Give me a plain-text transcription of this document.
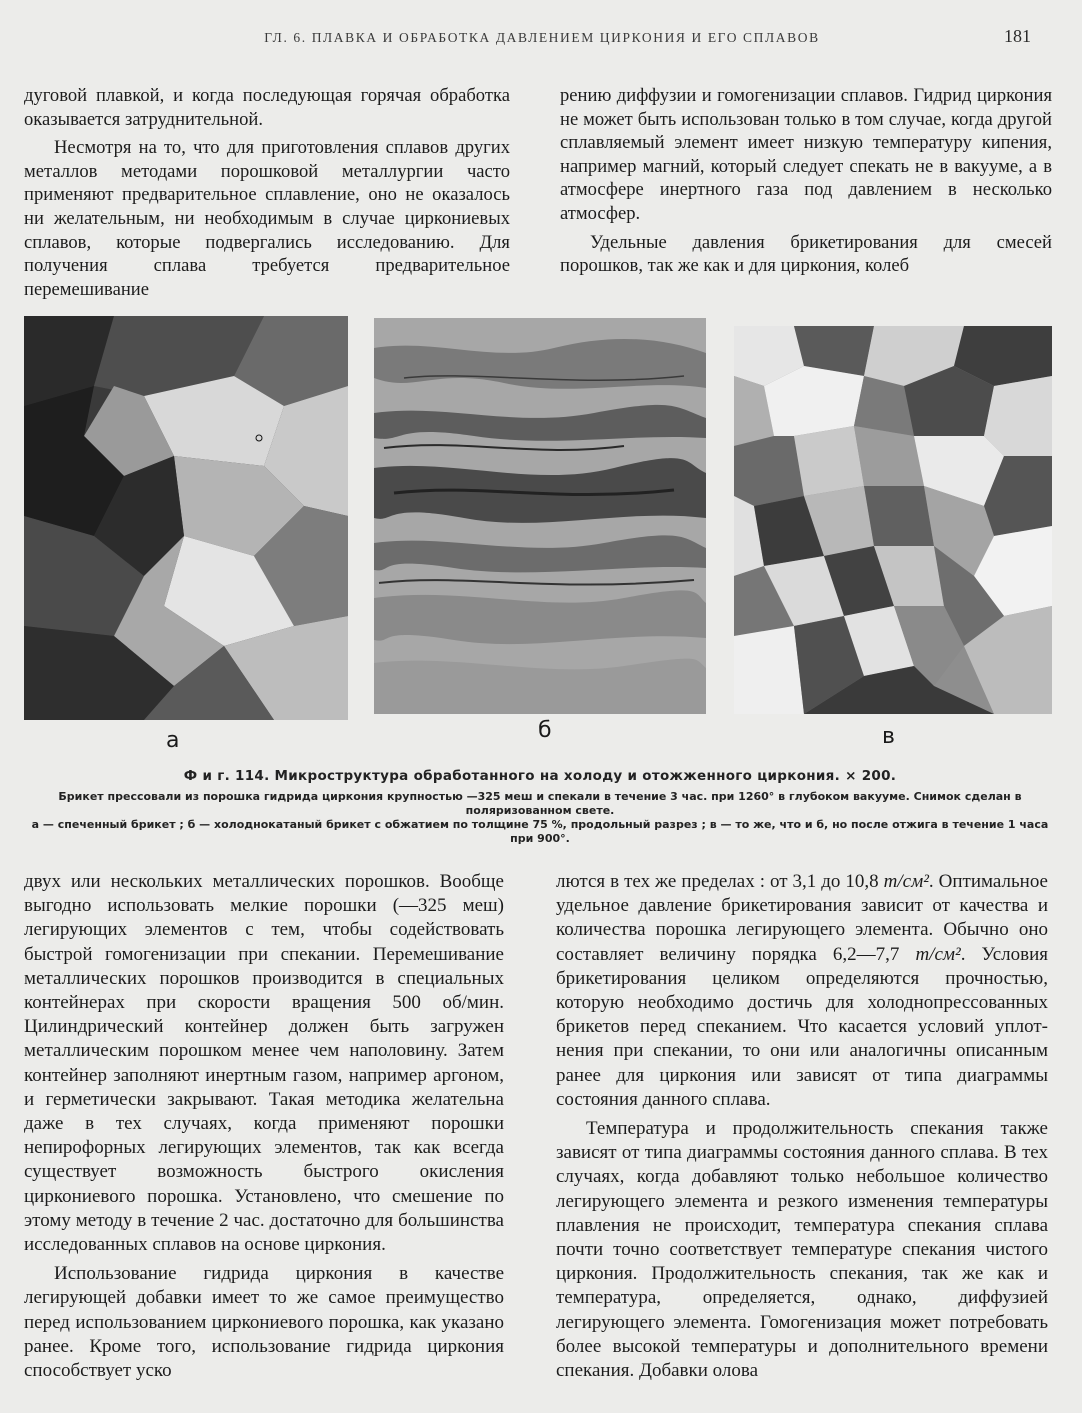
ГЛ. 6. ПЛАВКА И ОБРАБОТКА ДАВЛЕНИЕМ ЦИРКОНИЯ И ЕГО СПЛАВОВ	181

дуговой плавкой, и когда последующая горячая обработка оказывается затруднительной.

Несмотря на то, что для приготовления сплавов других металлов методами порошковой металлургии часто применяют предварительное сплавление, оно не оказалось ни желательным, ни необходимым в случае циркониевых сплавов, которые подвергались исследованию. Для получения сплава требуется предварительное перемешивание

рению диффузии и гомогенизации сплавов. Гидрид циркония не может быть использован только в том случае, когда другой сплавляемый элемент имеет низкую температуру кипения, например магний, который следует спекать не в вакууме, а в атмосфере инертного газа под давлением в несколько атмосфер.

Удельные давления брикетирования для смесей порошков, так же как и для циркония, колеб

а	б	в

Ф и г. 114. Микроструктура обработанного на холоду и отожженного циркония. × 200.

Брикет прессовали из порошка гидрида циркония крупностью —325 меш и спекали в течение 3 час. при 1260° в глубоком вакууме. Снимок сделан в поляризованном свете.

а — спеченный брикет ; б — холоднокатаный брикет с обжатием по толщине 75 %, продольный разрез ; в — то же, что и б, но после отжига в течение 1 часа при 900°.

двух или нескольких металлических порошков. Вообще выгодно использовать мелкие порошки (—325 меш) легирующих элементов с тем, чтобы содействовать быстрой гомогенизации при спекании. Перемешивание металлических порошков производится в специальных контейнерах при скорости вращения 500 об/мин. Цилиндрический контейнер должен быть загружен металлическим порошком менее чем наполовину. Затем контейнер заполняют инертным газом, например аргоном, и герметически закрывают. Такая методика желательна даже в тех случаях, когда применяют порошки непирофорных легирующих элементов, так как всегда существует возможность быстрого окисления циркониевого порошка. Установлено, что смешение по этому методу в течение 2 час. достаточно для большинства исследованных сплавов на основе циркония.

Использование гидрида циркония в качестве легирующей добавки имеет то же самое преимущество перед использованием циркониевого порошка, как указано ранее. Кроме того, использование гидрида циркония способствует уско

лются в тех же пределах : от 3,1 до 10,8 т/см². Оптимальное удельное давление брикетирования зависит от качества и количества порошка легирующего элемента. Обычно оно составляет величину порядка 6,2—7,7 т/см². Условия брикетирования целиком определяются прочностью, которую необходимо достичь для холоднопрессованных брикетов перед спеканием. Что касается условий уплотнения при спекании, то они или аналогичны описанным ранее для циркония или зависят от типа диаграммы состояния данного сплава.

Температура и продолжительность спекания также зависят от типа диаграммы состояния данного сплава. В тех случаях, когда добавляют только небольшое количество легирующего элемента и резкого изменения температуры плавления не происходит, температура спекания сплава почти точно соответствует температуре спекания чистого циркония. Продолжительность спекания, так же как и температура, определяется, однако, диффузией легирующего элемента. Гомогенизация может потребовать более высокой температуры и дополнительного времени спекания. Добавки олова
